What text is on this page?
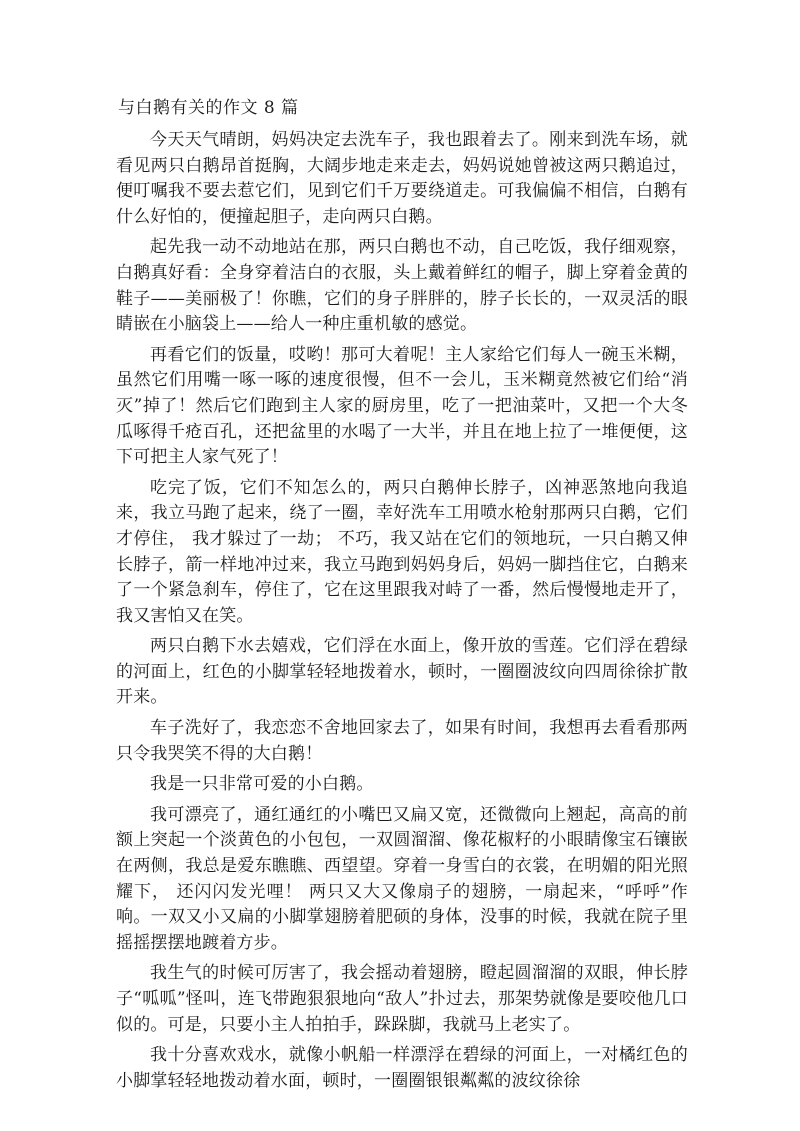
与白鹅有关的作文 8 篇

今天天气晴朗，妈妈决定去洗车子，我也跟着去了。刚来到洗车场，就看见两只白鹅昂首挺胸，大阔步地走来走去，妈妈说她曾被这两只鹅追过，便叮嘱我不要去惹它们，见到它们千万要绕道走。可我偏偏不相信，白鹅有什么好怕的，便撞起胆子，走向两只白鹅。

起先我一动不动地站在那，两只白鹅也不动，自己吃饭，我仔细观察，白鹅真好看：全身穿着洁白的衣服，头上戴着鲜红的帽子，脚上穿着金黄的鞋子——美丽极了！你瞧，它们的身子胖胖的，脖子长长的，一双灵活的眼睛嵌在小脑袋上——给人一种庄重机敏的感觉。

再看它们的饭量，哎哟！那可大着呢！主人家给它们每人一碗玉米糊，虽然它们用嘴一啄一啄的速度很慢，但不一会儿，玉米糊竟然被它们给“消灭”掉了！然后它们跑到主人家的厨房里，吃了一把油菜叶，又把一个大冬瓜啄得千疮百孔，还把盆里的水喝了一大半，并且在地上拉了一堆便便，这下可把主人家气死了！

吃完了饭，它们不知怎么的，两只白鹅伸长脖子，凶神恶煞地向我追来，我立马跑了起来，绕了一圈，幸好洗车工用喷水枪射那两只白鹅，它们才停住， 我才躲过了一劫； 不巧，我又站在它们的领地玩，一只白鹅又伸长脖子，箭一样地冲过来，我立马跑到妈妈身后，妈妈一脚挡住它，白鹅来了一个紧急刹车，停住了，它在这里跟我对峙了一番，然后慢慢地走开了，我又害怕又在笑。

两只白鹅下水去嬉戏，它们浮在水面上，像开放的雪莲。它们浮在碧绿的河面上，红色的小脚掌轻轻地拨着水，顿时，一圈圈波纹向四周徐徐扩散开来。

车子洗好了，我恋恋不舍地回家去了，如果有时间，我想再去看看那两只令我哭笑不得的大白鹅！

我是一只非常可爱的小白鹅。

我可漂亮了，通红通红的小嘴巴又扁又宽，还微微向上翘起，高高的前额上突起一个淡黄色的小包包，一双圆溜溜、像花椒籽的小眼睛像宝石镶嵌在两侧，我总是爱东瞧瞧、西望望。穿着一身雪白的衣裳，在明媚的阳光照耀下， 还闪闪发光哩！ 两只又大又像扇子的翅膀，一扇起来，“呼呼”作响。一双又小又扁的小脚掌翅膀着肥硕的身体，没事的时候，我就在院子里摇摇摆摆地踱着方步。

我生气的时候可厉害了，我会摇动着翅膀，瞪起圆溜溜的双眼，伸长脖子“呱呱”怪叫，连飞带跑狠狠地向“敌人”扑过去，那架势就像是要咬他几口似的。可是，只要小主人拍拍手，跺跺脚，我就马上老实了。

我十分喜欢戏水，就像小帆船一样漂浮在碧绿的河面上，一对橘红色的小脚掌轻轻地拨动着水面，顿时，一圈圈银银粼粼的波纹徐徐
